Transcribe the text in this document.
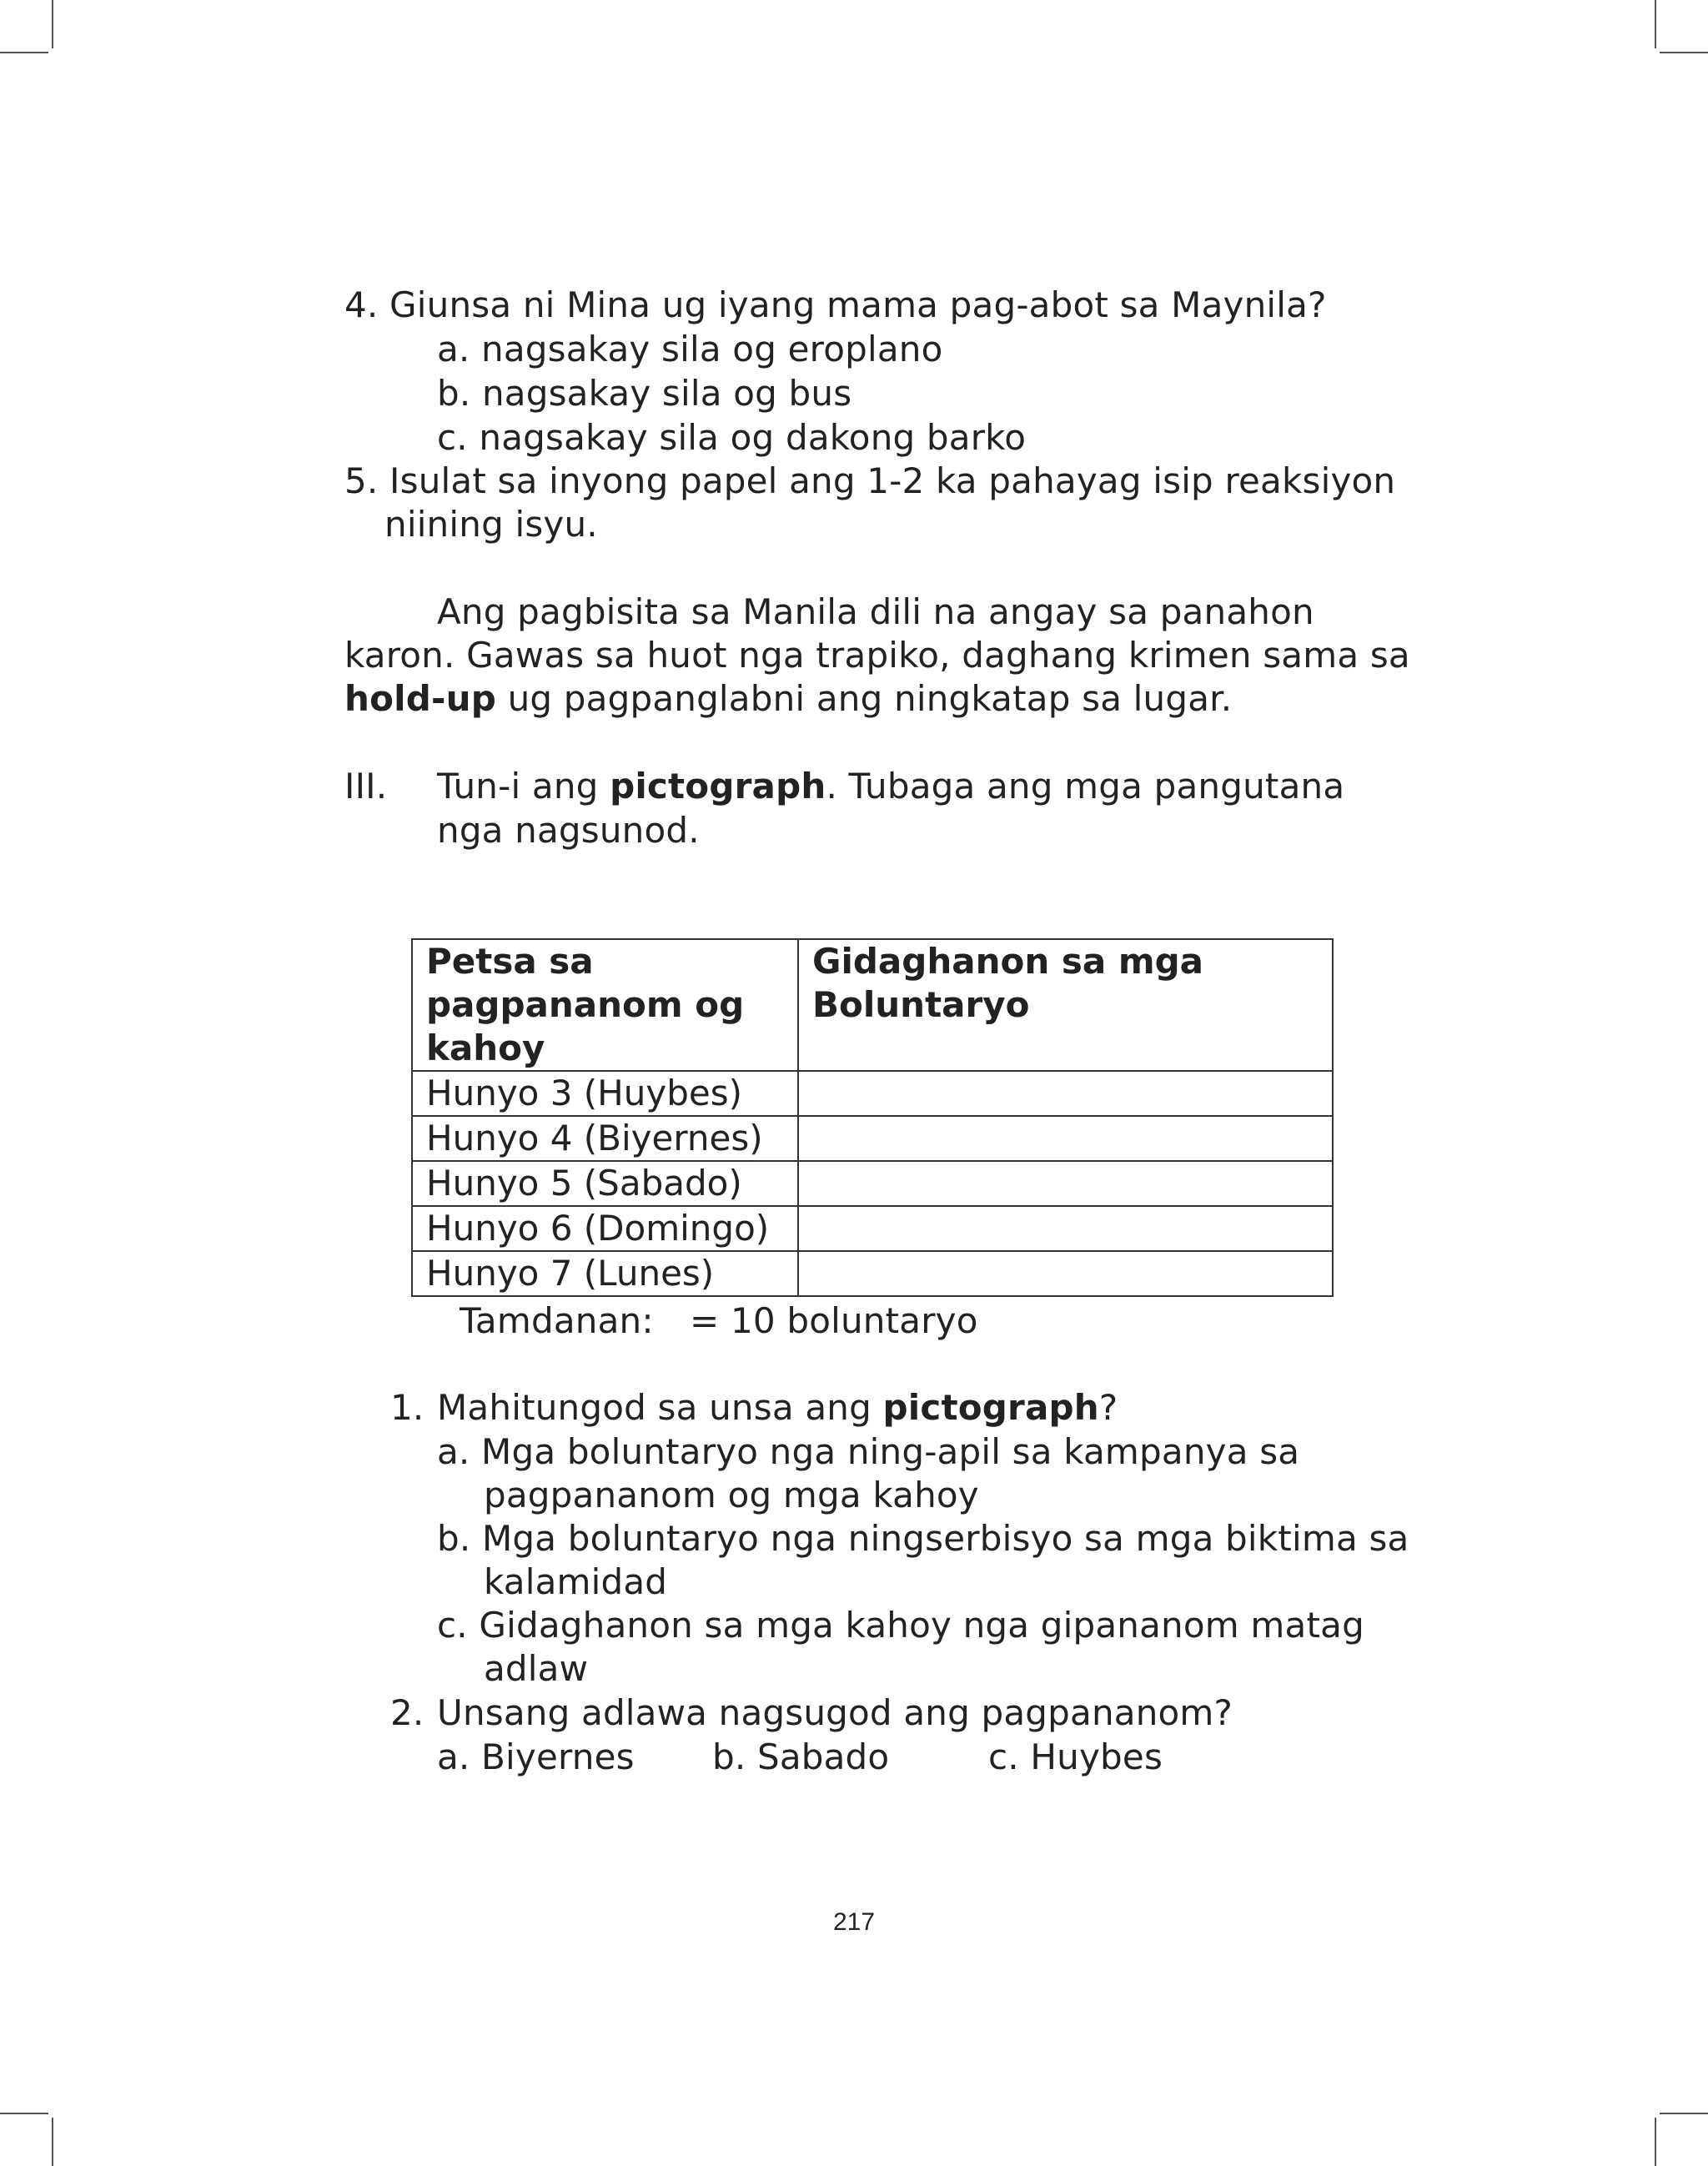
4. Giunsa ni Mina ug iyang mama pag-abot sa Maynila?
a. nagsakay sila og eroplano
b. nagsakay sila og bus
c. nagsakay sila og dakong barko
5. Isulat sa inyong papel ang 1-2 ka pahayag isip reaksiyon
niining isyu.
Ang pagbisita sa Manila dili na angay sa panahon
karon. Gawas sa huot nga trapiko, daghang krimen sama sa
hold-up ug pagpanglabni ang ningkatap sa lugar.
III. Tun-i ang pictograph. Tubaga ang mga pangutana
nga nagsunod.
Petsa sa pagpananom og kahoy	Gidaghanon sa mga Boluntaryo
Hunyo 3 (Huybes)	
Hunyo 4 (Biyernes)	
Hunyo 5 (Sabado)	
Hunyo 6 (Domingo)	
Hunyo 7 (Lunes)	
Tamdanan: = 10 boluntaryo
1. Mahitungod sa unsa ang pictograph?
a. Mga boluntaryo nga ning-apil sa kampanya sa
pagpananom og mga kahoy
b. Mga boluntaryo nga ningserbisyo sa mga biktima sa
kalamidad
c. Gidaghanon sa mga kahoy nga gipananom matag
adlaw
2. Unsang adlawa nagsugod ang pagpananom?
a. Biyernes b. Sabado	c. Huybes
217
